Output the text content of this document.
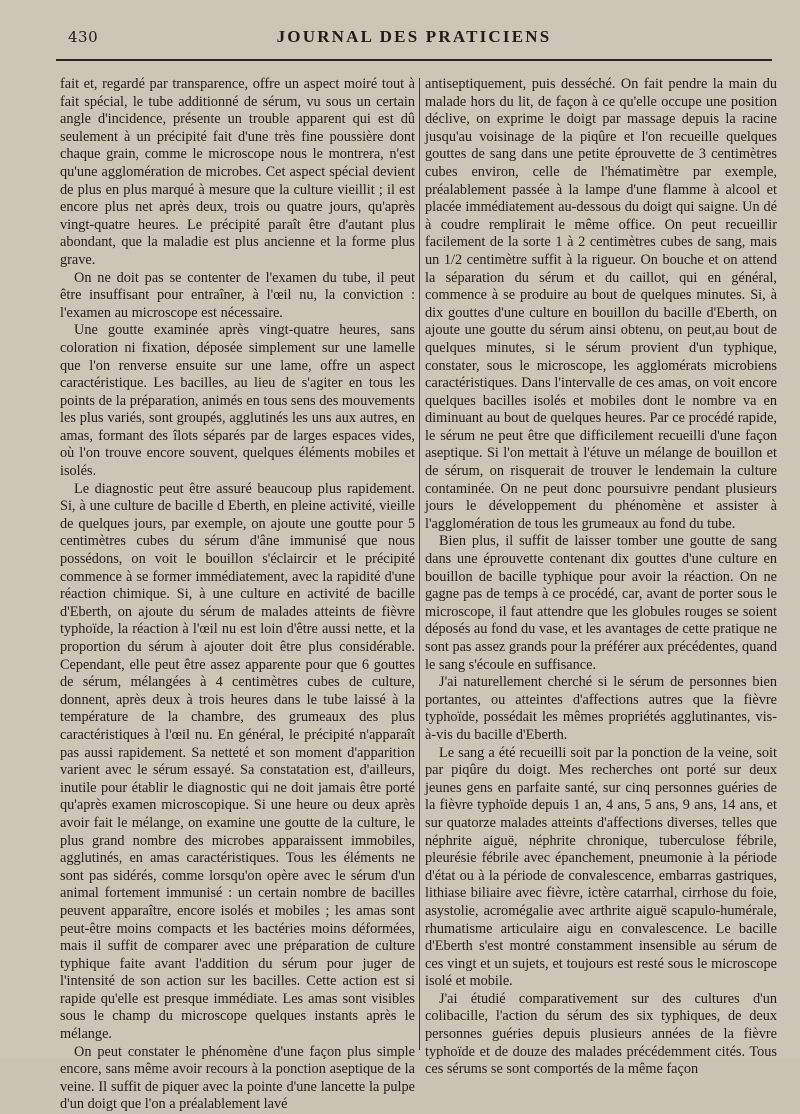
430	JOURNAL DES PRATICIENS

fait et, regardé par transparence, offre un aspect moiré tout à fait spécial, le tube additionné de sérum, vu sous un certain angle d'incidence, présente un trouble apparent qui est dû seulement à un précipité fait d'une très fine poussière dont chaque grain, comme le microscope nous le montrera, n'est qu'une agglomération de microbes. Cet aspect spécial devient de plus en plus marqué à mesure que la culture vieillit ; il est encore plus net après deux, trois ou quatre jours, qu'après vingt-quatre heures. Le précipité paraît être d'autant plus abondant, que la maladie est plus ancienne et la forme plus grave.

On ne doit pas se contenter de l'examen du tube, il peut être insuffisant pour entraîner, à l'œil nu, la conviction : l'examen au microscope est nécessaire.

Une goutte examinée après vingt-quatre heures, sans coloration ni fixation, déposée simplement sur une lamelle que l'on renverse ensuite sur une lame, offre un aspect caractéristique. Les bacilles, au lieu de s'agiter en tous les points de la préparation, animés en tous sens des mouvements les plus variés, sont groupés, agglutinés les uns aux autres, en amas, formant des îlots séparés par de larges espaces vides, où l'on trouve encore souvent, quelques éléments mobiles et isolés.

Le diagnostic peut être assuré beaucoup plus rapidement. Si, à une culture de bacille d Eberth, en pleine activité, vieille de quelques jours, par exemple, on ajoute une goutte pour 5 centimètres cubes du sérum d'âne immunisé que nous possédons, on voit le bouillon s'éclaircir et le précipité commence à se former immédiatement, avec la rapidité d'une réaction chimique. Si, à une culture en activité de bacille d'Eberth, on ajoute du sérum de malades atteints de fièvre typhoïde, la réaction à l'œil nu est loin d'être aussi nette, et la proportion du sérum à ajouter doit être plus considérable. Cependant, elle peut être assez apparente pour que 6 gouttes de sérum, mélangées à 4 centimètres cubes de culture, donnent, après deux à trois heures dans le tube laissé à la température de la chambre, des grumeaux des plus caractéristiques à l'œil nu. En général, le précipité n'apparaît pas aussi rapidement. Sa netteté et son moment d'apparition varient avec le sérum essayé. Sa constatation est, d'ailleurs, inutile pour établir le diagnostic qui ne doit jamais être porté qu'après examen microscopique. Si une heure ou deux après avoir fait le mélange, on examine une goutte de la culture, le plus grand nombre des microbes apparaissent immobiles, agglutinés, en amas caractéristiques. Tous les éléments ne sont pas sidérés, comme lorsqu'on opère avec le sérum d'un animal fortement immunisé : un certain nombre de bacilles peuvent apparaître, encore isolés et mobiles ; les amas sont peut-être moins compacts et les bactéries moins déformées, mais il suffit de comparer avec une préparation de culture typhique faite avant l'addition du sérum pour juger de l'intensité de son action sur les bacilles. Cette action est si rapide qu'elle est presque immédiate. Les amas sont visibles sous le champ du microscope quelques instants après le mélange.

On peut constater le phénomène d'une façon plus simple encore, sans même avoir recours à la ponction aseptique de la veine. Il suffit de piquer avec la pointe d'une lancette la pulpe d'un doigt que l'on a préalablement lavé

antiseptiquement, puis desséché. On fait pendre la main du malade hors du lit, de façon à ce qu'elle occupe une position déclive, on exprime le doigt par massage depuis la racine jusqu'au voisinage de la piqûre et l'on recueille quelques gouttes de sang dans une petite éprouvette de 3 centimètres cubes environ, celle de l'hématimètre par exemple, préalablement passée à la lampe d'une flamme à alcool et placée immédiatement au-dessous du doigt qui saigne. Un dé à coudre remplirait le même office. On peut recueillir facilement de la sorte 1 à 2 centimètres cubes de sang, mais un 1/2 centimètre suffit à la rigueur. On bouche et on attend la séparation du sérum et du caillot, qui en général, commence à se produire au bout de quelques minutes. Si, à dix gouttes d'une culture en bouillon du bacille d'Eberth, on ajoute une goutte du sérum ainsi obtenu, on peut,au bout de quelques minutes, si le sérum provient d'un typhique, constater, sous le microscope, les agglomérats microbiens caractéristiques. Dans l'intervalle de ces amas, on voit encore quelques bacilles isolés et mobiles dont le nombre va en diminuant au bout de quelques heures. Par ce procédé rapide, le sérum ne peut être que difficilement recueilli d'une façon aseptique. Si l'on mettait à l'étuve un mélange de bouillon et de sérum, on risquerait de trouver le lendemain la culture contaminée. On ne peut donc poursuivre pendant plusieurs jours le développement du phénomène et assister à l'agglomération de tous les grumeaux au fond du tube.

Bien plus, il suffit de laisser tomber une goutte de sang dans une éprouvette contenant dix gouttes d'une culture en bouillon de bacille typhique pour avoir la réaction. On ne gagne pas de temps à ce procédé, car, avant de porter sous le microscope, il faut attendre que les globules rouges se soient déposés au fond du vase, et les avantages de cette pratique ne sont pas assez grands pour la préférer aux précédentes, quand le sang s'écoule en suffisance.

J'ai naturellement cherché si le sérum de personnes bien portantes, ou atteintes d'affections autres que la fièvre typhoïde, possédait les mêmes propriétés agglutinantes, vis-à-vis du bacille d'Eberth.

Le sang a été recueilli soit par la ponction de la veine, soit par piqûre du doigt. Mes recherches ont porté sur deux jeunes gens en parfaite santé, sur cinq personnes guéries de la fièvre typhoïde depuis 1 an, 4 ans, 5 ans, 9 ans, 14 ans, et sur quatorze malades atteints d'affections diverses, telles que néphrite aiguë, néphrite chronique, tuberculose fébrile, pleurésie fébrile avec épanchement, pneumonie à la période d'état ou à la période de convalescence, embarras gastriques, lithiase biliaire avec fièvre, ictère catarrhal, cirrhose du foie, asystolie, acromégalie avec arthrite aiguë scapulo-humérale, rhumatisme articulaire aigu en convalescence. Le bacille d'Eberth s'est montré constamment insensible au sérum de ces vingt et un sujets, et toujours est resté sous le microscope isolé et mobile.

J'ai étudié comparativement sur des cultures d'un colibacille, l'action du sérum des six typhiques, de deux personnes guéries depuis plusieurs années de la fièvre typhoïde et de douze des malades précédemment cités. Tous ces sérums se sont comportés de la même façon
